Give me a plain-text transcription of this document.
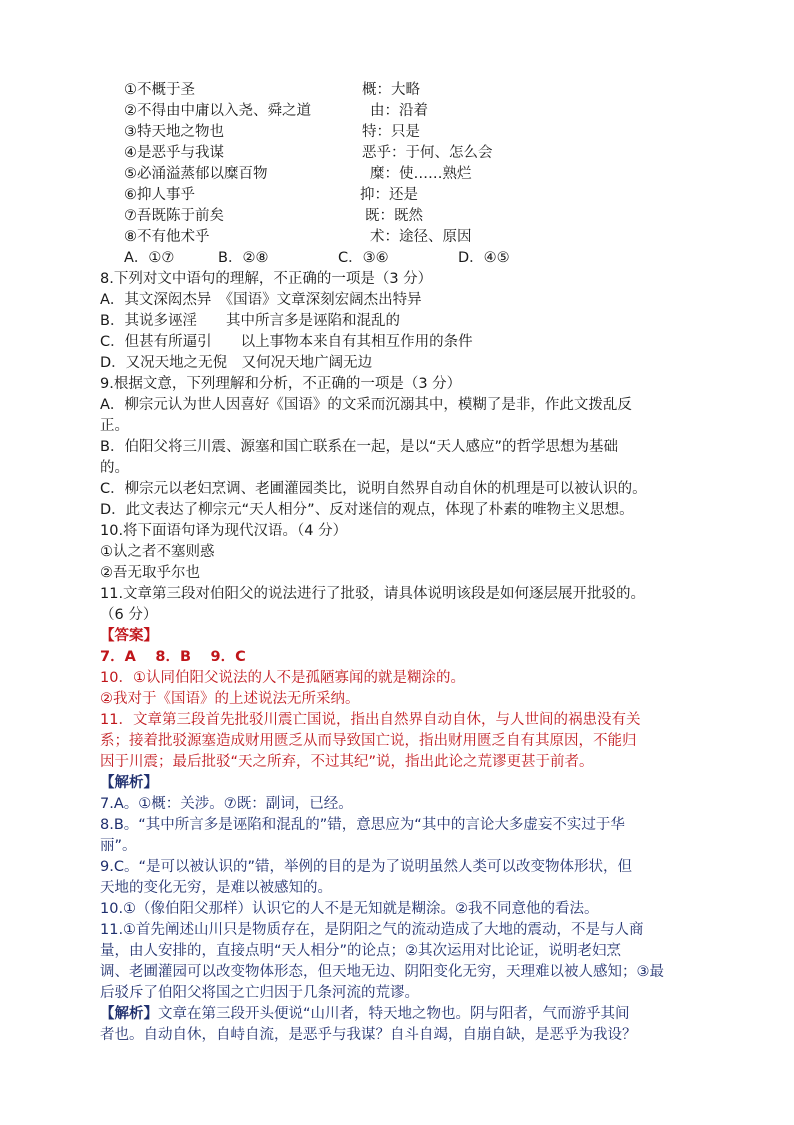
①不概于圣	概：大略
②不得由中庸以入尧、舜之道	由：沿着
③特天地之物也	特：只是
④是恶乎与我谋	恶乎：于何、怎么会
⑤必涌溢蒸郁以糜百物	糜：使……熟烂
⑥抑人事乎	抑：还是
⑦吾既陈于前矣	既：既然
⑧不有他术乎	术：途径、原因
A．①⑦	B．②⑧	C．③⑥	D．④⑤
8.下列对文中语句的理解，不正确的一项是（3 分）
A．其文深闳杰异　《国语》文章深刻宏阔杰出特异
B．其说多诬淫　　其中所言多是诬陷和混乱的
C．但甚有所逼引　　以上事物本来自有其相互作用的条件
D．又况天地之无倪　又何况天地广阔无边
9.根据文意，下列理解和分析，不正确的一项是（3 分）
A．柳宗元认为世人因喜好《国语》的文采而沉溺其中，模糊了是非，作此文拨乱反
正。
B．伯阳父将三川震、源塞和国亡联系在一起，是以“天人感应”的哲学思想为基础
的。
C．柳宗元以老妇烹调、老圃灌园类比，说明自然界自动自休的机理是可以被认识的。
D．此文表达了柳宗元“天人相分”、反对迷信的观点，体现了朴素的唯物主义思想。
10.将下面语句译为现代汉语。（4 分）
①认之者不塞则惑
②吾无取乎尔也
11.文章第三段对伯阳父的说法进行了批驳，请具体说明该段是如何逐层展开批驳的。
（6 分）
【答案】
7．A　 8．B　 9．C
10．①认同伯阳父说法的人不是孤陋寡闻的就是糊涂的。
②我对于《国语》的上述说法无所采纳。
11．文章第三段首先批驳川震亡国说，指出自然界自动自休，与人世间的祸患没有关
系；接着批驳源塞造成财用匮乏从而导致国亡说，指出财用匮乏自有其原因，不能归
因于川震；最后批驳“天之所弃，不过其纪”说，指出此论之荒谬更甚于前者。
【解析】
7.A。①概：关涉。⑦既：副词，已经。
8.B。“其中所言多是诬陷和混乱的”错，意思应为“其中的言论大多虚妄不实过于华
丽”。
9.C。“是可以被认识的”错，举例的目的是为了说明虽然人类可以改变物体形状，但
天地的变化无穷，是难以被感知的。
10.①（像伯阳父那样）认识它的人不是无知就是糊涂。②我不同意他的看法。
11.①首先阐述山川只是物质存在，是阴阳之气的流动造成了大地的震动，不是与人商
量，由人安排的，直接点明“天人相分”的论点；②其次运用对比论证，说明老妇烹
调、老圃灌园可以改变物体形态，但天地无边、阴阳变化无穷，天理难以被人感知；③最
后驳斥了伯阳父将国之亡归因于几条河流的荒谬。
【解析】文章在第三段开头便说“山川者，特天地之物也。阴与阳者，气而游乎其间
者也。自动自休，自峙自流，是恶乎与我谋？自斗自竭，自崩自缺，是恶乎为我设？
